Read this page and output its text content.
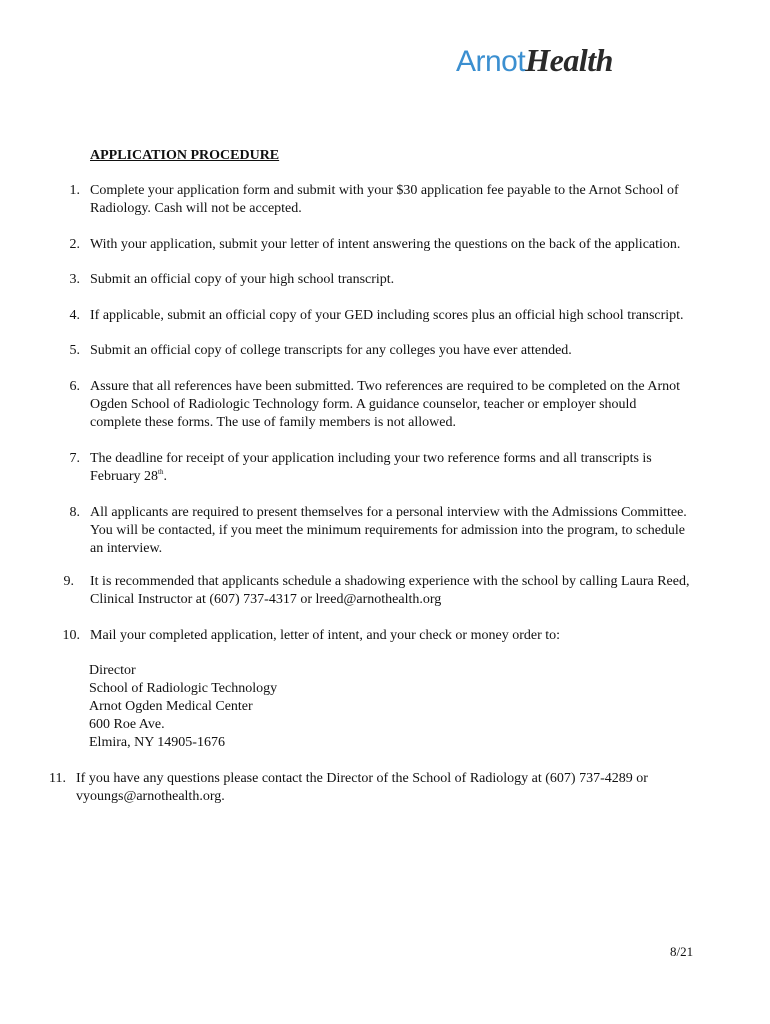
ArnotHealth
APPLICATION PROCEDURE
1. Complete your application form and submit with your $30 application fee payable to the Arnot School of
Radiology. Cash will not be accepted.
2. With your application, submit your letter of intent answering the questions on the back of the application.
3. Submit an official copy of your high school transcript.
4. If applicable, submit an official copy of your GED including scores plus an official high school transcript.
5. Submit an official copy of college transcripts for any colleges you have ever attended.
6. Assure that all references have been submitted. Two references are required to be completed on the Arnot
Ogden School of Radiologic Technology form. A guidance counselor, teacher or employer should
complete these forms. The use of family members is not allowed.
7. The deadline for receipt of your application including your two reference forms and all transcripts is
February 28th.
8. All applicants are required to present themselves for a personal interview with the Admissions Committee.
You will be contacted, if you meet the minimum requirements for admission into the program, to schedule
an interview.
9. It is recommended that applicants schedule a shadowing experience with the school by calling Laura Reed,
Clinical Instructor at (607) 737-4317 or lreed@arnothealth.org
10. Mail your completed application, letter of intent, and your check or money order to:
Director
School of Radiologic Technology
Arnot Ogden Medical Center
600 Roe Ave.
Elmira, NY 14905-1676
11. If you have any questions please contact the Director of the School of Radiology at (607) 737-4289 or
vyoungs@arnothealth.org.
8/21
